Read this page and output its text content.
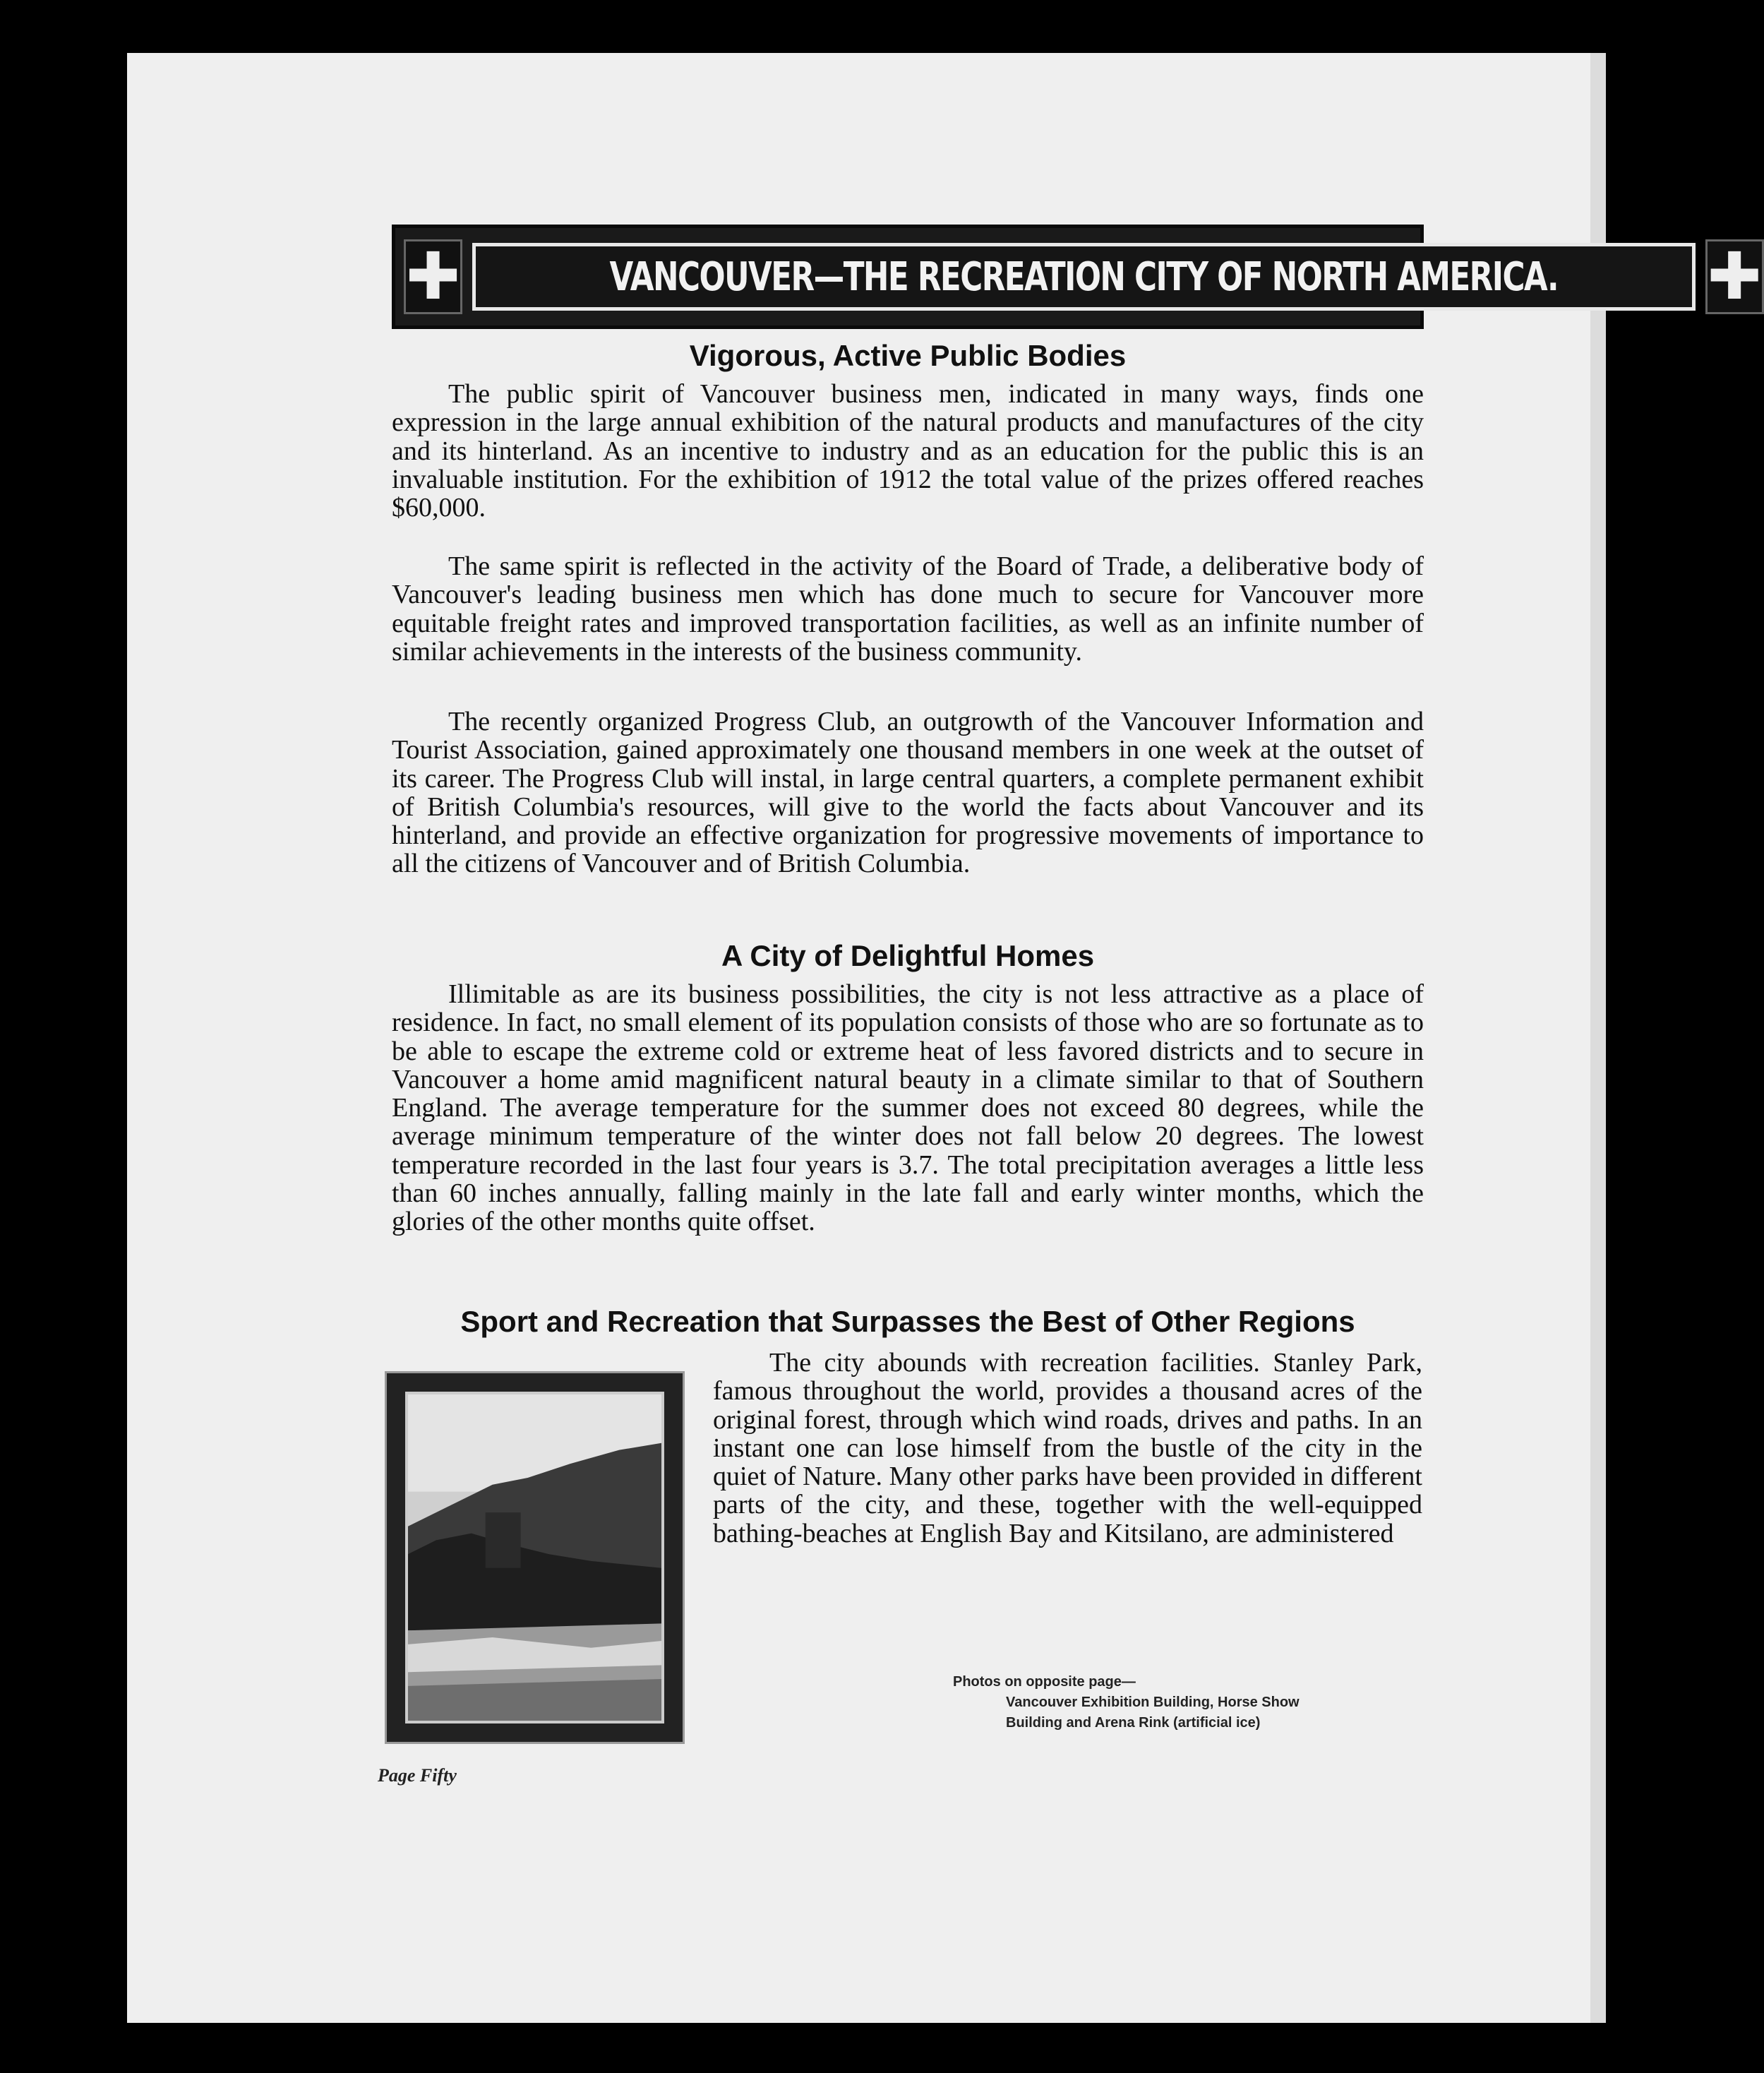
✚	VANCOUVER—THE RECREATION CITY OF NORTH AMERICA. ✚
Vigorous, Active Public Bodies

The public spirit of Vancouver business men, indicated in many ways, finds one expression in the large annual exhibition of the natural products and manufactures of the city and its hinterland. As an incentive to industry and as an education for the public this is an invaluable institution. For the exhibition of 1912 the total value of the prizes offered reaches $60,000.

The same spirit is reflected in the activity of the Board of Trade, a deliberative body of Vancouver's leading business men which has done much to secure for Vancouver more equitable freight rates and improved transportation facilities, as well as an infinite number of similar achievements in the interests of the business community.

The recently organized Progress Club, an outgrowth of the Vancouver Information and Tourist Association, gained approximately one thousand members in one week at the outset of its career. The Progress Club will instal, in large central quarters, a complete permanent exhibit of British Columbia's resources, will give to the world the facts about Vancouver and its hinterland, and provide an effective organization for progressive movements of importance to all the citizens of Vancouver and of British Columbia.

A City of Delightful Homes

Illimitable as are its business possibilities, the city is not less attractive as a place of residence. In fact, no small element of its population consists of those who are so fortunate as to be able to escape the extreme cold or extreme heat of less favored districts and to secure in Vancouver a home amid magnificent natural beauty in a climate similar to that of Southern England. The average temperature for the summer does not exceed 80 degrees, while the average minimum temperature of the winter does not fall below 20 degrees. The lowest temperature recorded in the last four years is 3.7. The total precipitation averages a little less than 60 inches annually, falling mainly in the late fall and early winter months, which the glories of the other months quite offset.

Sport and Recreation that Surpasses the Best of Other Regions

The city abounds with recreation facilities. Stanley Park, famous throughout the world, provides a thousand acres of the original forest, through which wind roads, drives and paths. In an instant one can lose himself from the bustle of the city in the quiet of Nature. Many other parks have been provided in different parts of the city, and these, together with the well-equipped bathing-beaches at English Bay and Kitsilano, are administered

Photos on opposite page—
Vancouver Exhibition Building, Horse Show
Building and Arena Rink (artificial ice)
Page Fifty
